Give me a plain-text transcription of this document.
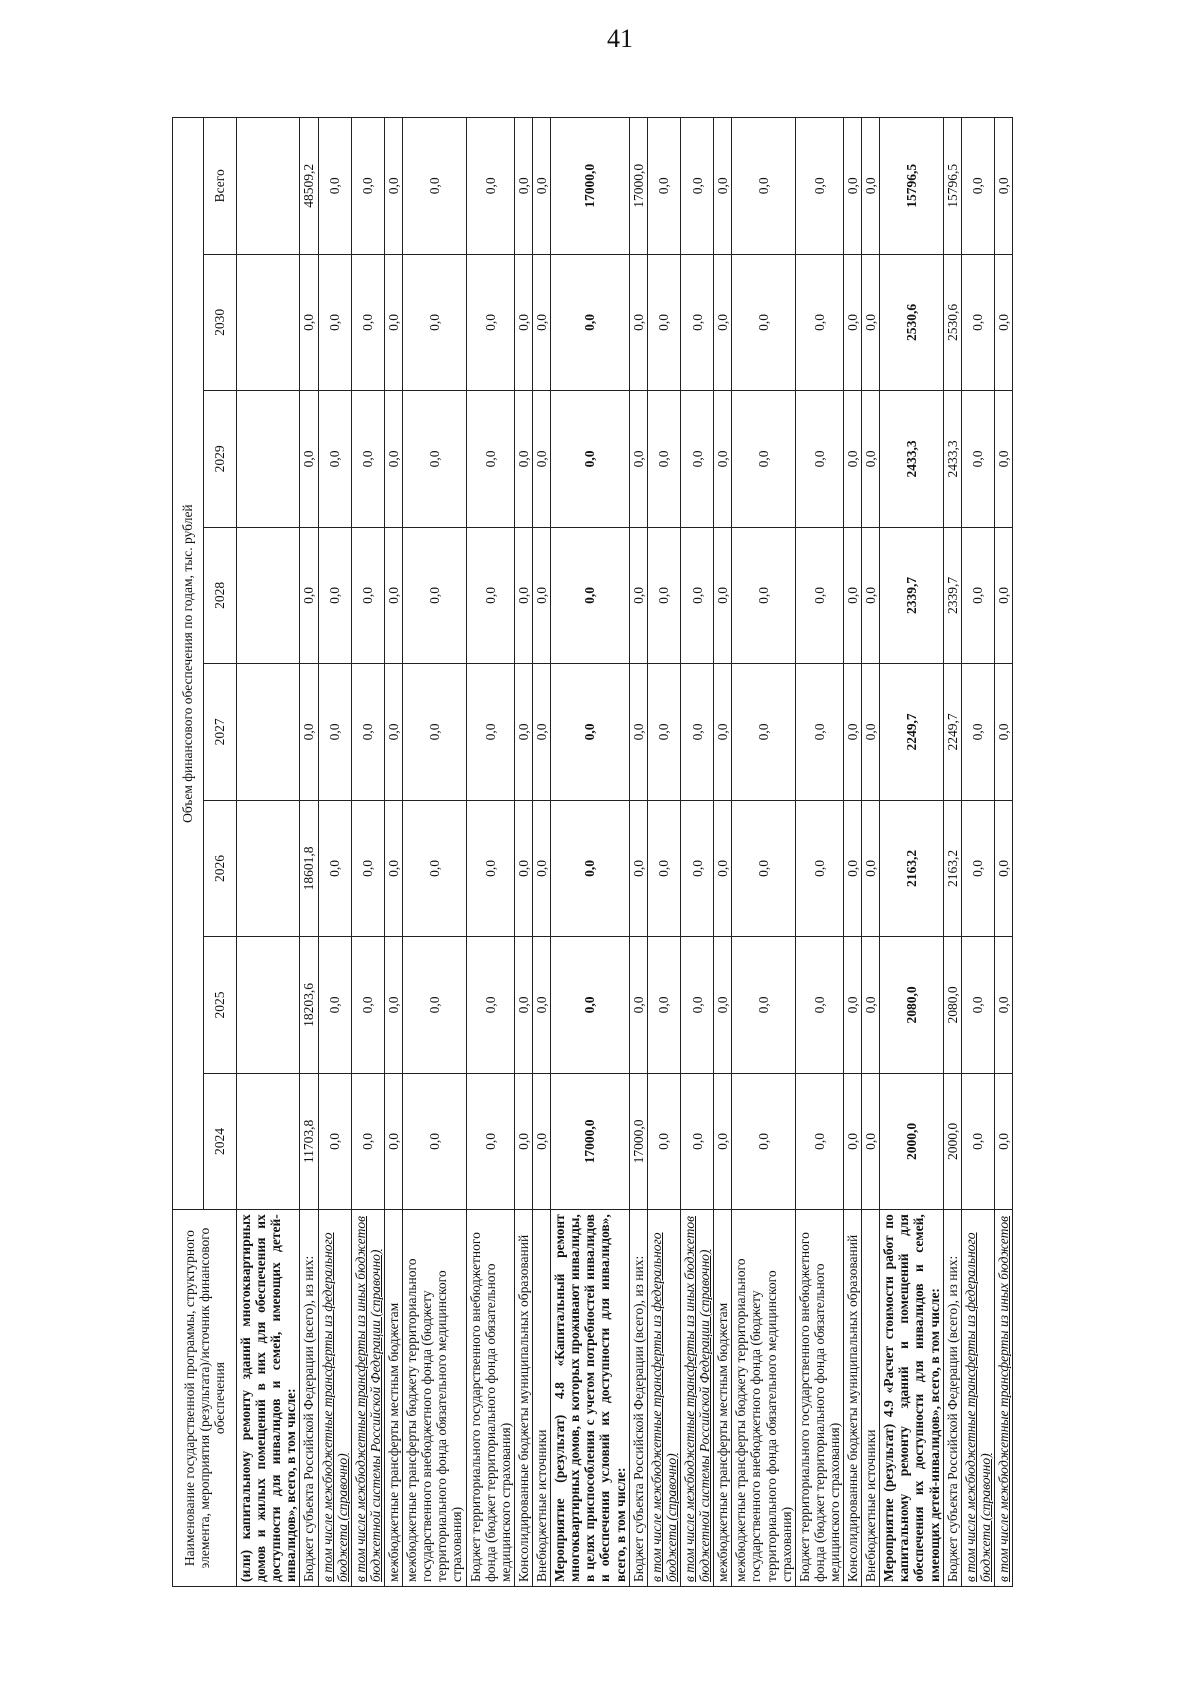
41
Наименование государственной программы, структурного элемента, мероприятия (результата)/источник финансового обеспечения	Объем финансового обеспечения по годам, тыс. рублей							
	2024	2025	2026	2027	2028	2029	2030	Всего
(или) капитальному ремонту зданий многоквартирных домов и жилых помещений в них для обеспечения их доступности для инвалидов и семей, имеющих детей-инвалидов», всего, в том числе:								
Бюджет субъекта Российской Федерации (всего), из них:	11703,8	18203,6	18601,8	0,0	0,0	0,0	0,0	48509,2
в том числе межбюджетные трансферты из федерального бюджета (справочно)	0,0	0,0	0,0	0,0	0,0	0,0	0,0	0,0
в том числе межбюджетные трансферты из иных бюджетов бюджетной системы Российской Федерации (справочно)	0,0	0,0	0,0	0,0	0,0	0,0	0,0	0,0
межбюджетные трансферты местным бюджетам	0,0	0,0	0,0	0,0	0,0	0,0	0,0	0,0
межбюджетные трансферты бюджету территориального государственного внебюджетного фонда (бюджету территориального фонда обязательного медицинского страхования)	0,0	0,0	0,0	0,0	0,0	0,0	0,0	0,0
Бюджет территориального государственного внебюджетного фонда (бюджет территориального фонда обязательного медицинского страхования)	0,0	0,0	0,0	0,0	0,0	0,0	0,0	0,0
Консолидированные бюджеты муниципальных образований	0,0	0,0	0,0	0,0	0,0	0,0	0,0	0,0
Внебюджетные источники	0,0	0,0	0,0	0,0	0,0	0,0	0,0	0,0
Мероприятие (результат) 4.8 «Капитальный ремонт многоквартирных домов, в которых проживают инвалиды, в целях приспособления с учетом потребностей инвалидов и обеспечения условий их доступности для инвалидов», всего, в том числе:	17000,0	0,0	0,0	0,0	0,0	0,0	0,0	17000,0
Бюджет субъекта Российской Федерации (всего), из них:	17000,0	0,0	0,0	0,0	0,0	0,0	0,0	17000,0
в том числе межбюджетные трансферты из федерального бюджета (справочно)	0,0	0,0	0,0	0,0	0,0	0,0	0,0	0,0
в том числе межбюджетные трансферты из иных бюджетов бюджетной системы Российской Федерации (справочно)	0,0	0,0	0,0	0,0	0,0	0,0	0,0	0,0
межбюджетные трансферты местным бюджетам	0,0	0,0	0,0	0,0	0,0	0,0	0,0	0,0
межбюджетные трансферты бюджету территориального государственного внебюджетного фонда (бюджету территориального фонда обязательного медицинского страхования)	0,0	0,0	0,0	0,0	0,0	0,0	0,0	0,0
Бюджет территориального государственного внебюджетного фонда (бюджет территориального фонда обязательного медицинского страхования)	0,0	0,0	0,0	0,0	0,0	0,0	0,0	0,0
Консолидированные бюджеты муниципальных образований	0,0	0,0	0,0	0,0	0,0	0,0	0,0	0,0
Внебюджетные источники	0,0	0,0	0,0	0,0	0,0	0,0	0,0	0,0
Мероприятие (результат) 4.9 «Расчет стоимости работ по капитальному ремонту зданий и помещений для обеспечения их доступности для инвалидов и семей, имеющих детей-инвалидов», всего, в том числе:	2000,0	2080,0	2163,2	2249,7	2339,7	2433,3	2530,6	15796,5
Бюджет субъекта Российской Федерации (всего), из них:	2000,0	2080,0	2163,2	2249,7	2339,7	2433,3	2530,6	15796,5
в том числе межбюджетные трансферты из федерального бюджета (справочно)	0,0	0,0	0,0	0,0	0,0	0,0	0,0	0,0
в том числе межбюджетные трансферты из иных бюджетов	0,0	0,0	0,0	0,0	0,0	0,0	0,0	0,0
